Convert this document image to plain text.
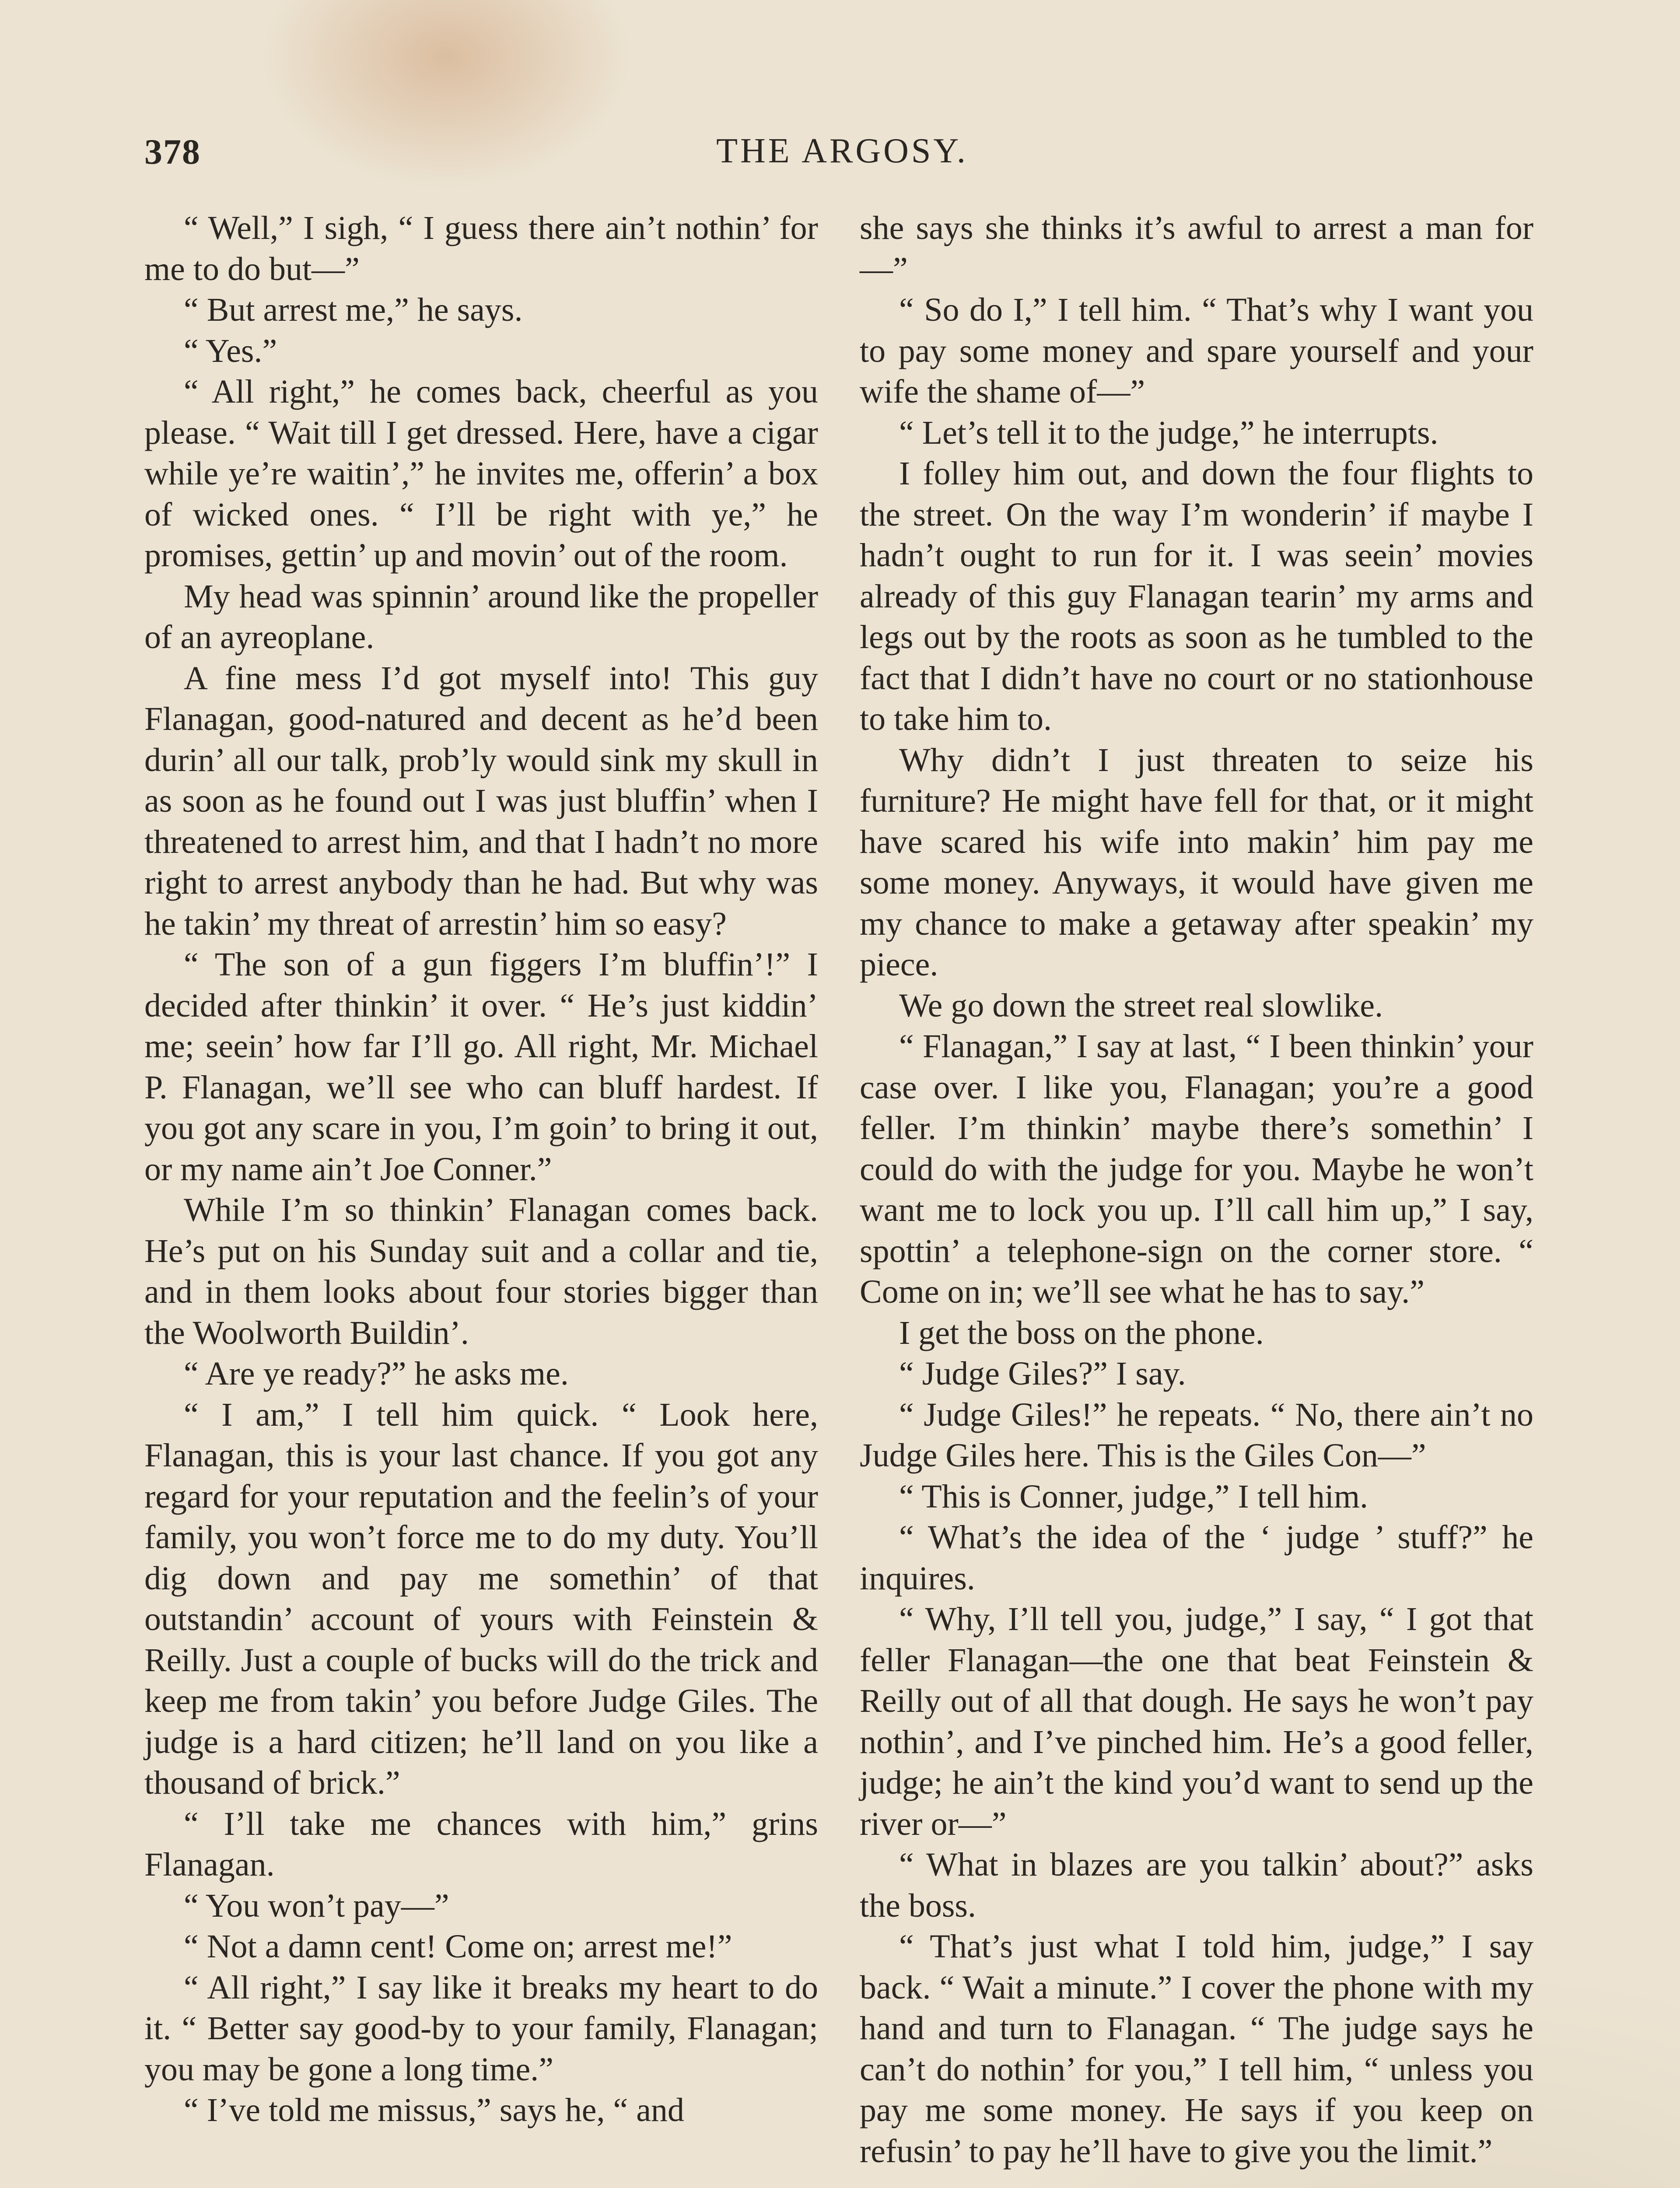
378	THE ARGOSY.

“ Well,” I sigh, “ I guess there ain’t nothin’ for me to do but—”

“ But arrest me,” he says.

“ Yes.”

“ All right,” he comes back, cheerful as you please. “ Wait till I get dressed. Here, have a cigar while ye’re waitin’,” he invites me, offerin’ a box of wicked ones. “ I’ll be right with ye,” he promises, gettin’ up and movin’ out of the room.

My head was spinnin’ around like the propeller of an ayreoplane.

A fine mess I’d got myself into! This guy Flanagan, good-natured and decent as he’d been durin’ all our talk, prob’ly would sink my skull in as soon as he found out I was just bluffin’ when I threatened to arrest him, and that I hadn’t no more right to arrest anybody than he had. But why was he takin’ my threat of arrestin’ him so easy?

“ The son of a gun figgers I’m bluffin’!” I decided after thinkin’ it over. “ He’s just kiddin’ me; seein’ how far I’ll go. All right, Mr. Michael P. Flanagan, we’ll see who can bluff hardest. If you got any scare in you, I’m goin’ to bring it out, or my name ain’t Joe Conner.”

While I’m so thinkin’ Flanagan comes back. He’s put on his Sunday suit and a collar and tie, and in them looks about four stories bigger than the Woolworth Buildin’.

“ Are ye ready?” he asks me.

“ I am,” I tell him quick. “ Look here, Flanagan, this is your last chance. If you got any regard for your reputation and the feelin’s of your family, you won’t force me to do my duty. You’ll dig down and pay me somethin’ of that outstandin’ account of yours with Feinstein & Reilly. Just a couple of bucks will do the trick and keep me from takin’ you before Judge Giles. The judge is a hard citizen; he’ll land on you like a thousand of brick.”

“ I’ll take me chances with him,” grins Flanagan.

“ You won’t pay—”

“ Not a damn cent! Come on; arrest me!”

“ All right,” I say like it breaks my heart to do it. “ Better say good-by to your family, Flanagan; you may be gone a long time.”

“ I’ve told me missus,” says he, “ and

she says she thinks it’s awful to arrest a man for—”

“ So do I,” I tell him. “ That’s why I want you to pay some money and spare yourself and your wife the shame of—”

“ Let’s tell it to the judge,” he interrupts.

I folley him out, and down the four flights to the street. On the way I’m wonderin’ if maybe I hadn’t ought to run for it. I was seein’ movies already of this guy Flanagan tearin’ my arms and legs out by the roots as soon as he tumbled to the fact that I didn’t have no court or no stationhouse to take him to.

Why didn’t I just threaten to seize his furniture? He might have fell for that, or it might have scared his wife into makin’ him pay me some money. Anyways, it would have given me my chance to make a getaway after speakin’ my piece.

We go down the street real slowlike.

“ Flanagan,” I say at last, “ I been thinkin’ your case over. I like you, Flanagan; you’re a good feller. I’m thinkin’ maybe there’s somethin’ I could do with the judge for you. Maybe he won’t want me to lock you up. I’ll call him up,” I say, spottin’ a telephone-sign on the corner store. “ Come on in; we’ll see what he has to say.”

I get the boss on the phone.

“ Judge Giles?” I say.

“ Judge Giles!” he repeats. “ No, there ain’t no Judge Giles here. This is the Giles Con—”

“ This is Conner, judge,” I tell him.

“ What’s the idea of the ‘ judge ’ stuff?” he inquires.

“ Why, I’ll tell you, judge,” I say, “ I got that feller Flanagan—the one that beat Feinstein & Reilly out of all that dough. He says he won’t pay nothin’, and I’ve pinched him. He’s a good feller, judge; he ain’t the kind you’d want to send up the river or—”

“ What in blazes are you talkin’ about?” asks the boss.

“ That’s just what I told him, judge,” I say back. “ Wait a minute.” I cover the phone with my hand and turn to Flanagan. “ The judge says he can’t do nothin’ for you,” I tell him, “ unless you pay me some money. He says if you keep on refusin’ to pay he’ll have to give you the limit.”
